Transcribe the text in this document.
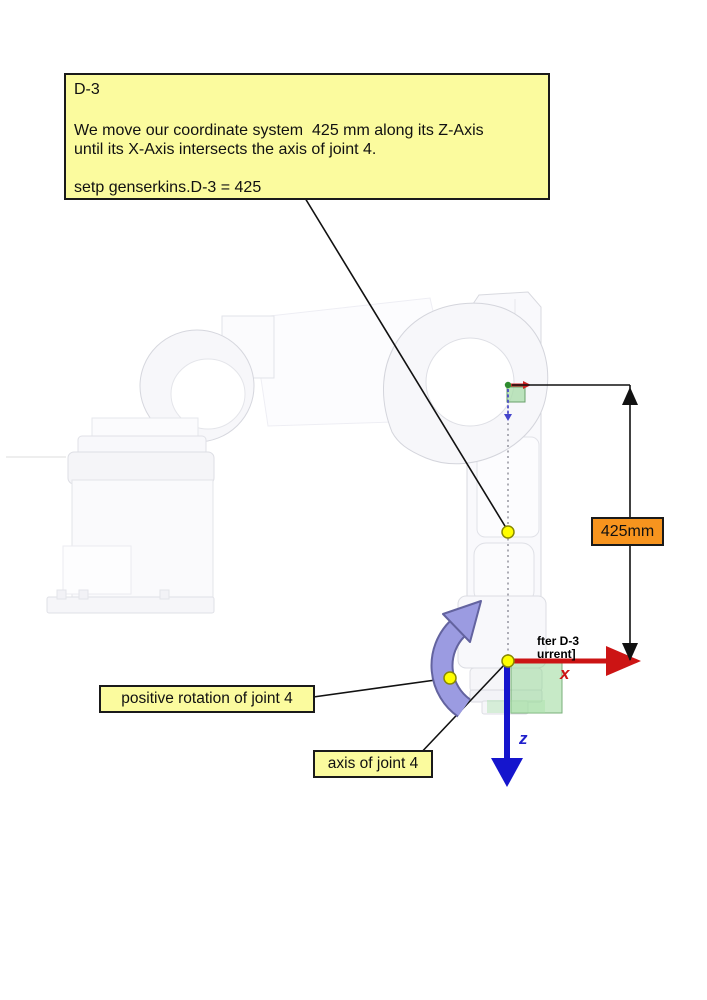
D-3

We move our coordinate system  425 mm along its Z-Axis

until its X-Axis intersects the axis of joint 4.

setp genserkins.D-3 = 425

425mm
fter D-3
urrent]
x
z
positive rotation of joint 4
axis of joint 4
